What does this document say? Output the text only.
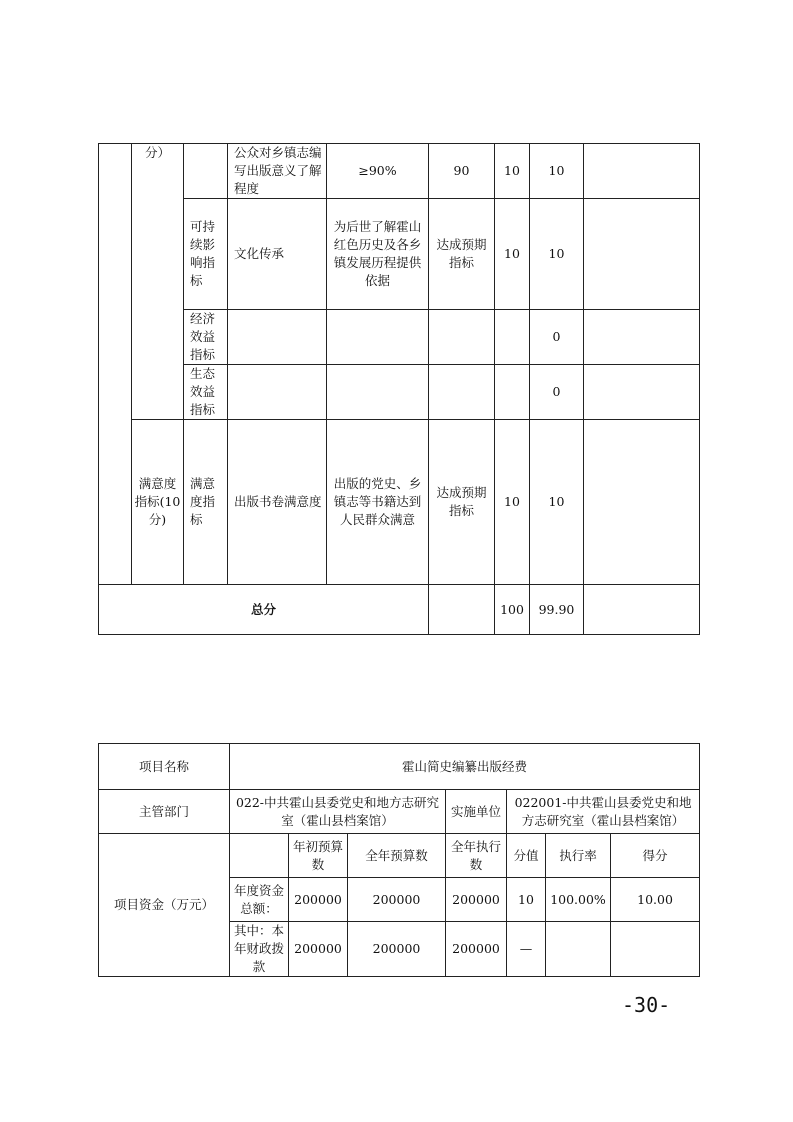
	分）		公众对乡镇志编写出版意义了解程度	≥90%	90	10	10	
		可持续影响指标	文化传承	为后世了解霍山红色历史及各乡镇发展历程提供依据	达成预期指标	10	10	
		经济效益指标					0	
		生态效益指标					0	
	满意度指标(10分)	满意度指标	出版书卷满意度	出版的党史、乡镇志等书籍达到人民群众满意	达成预期指标	10	10	
总分						100	99.90	
项目名称	霍山简史编纂出版经费						
主管部门	022-中共霍山县委党史和地方志研究室（霍山县档案馆）			实施单位	022001-中共霍山县委党史和地方志研究室（霍山县档案馆）		
项目资金（万元）		年初预算数	全年预算数	全年执行数	分值	执行率	得分
	年度资金总额：	200000	200000	200000	10	100.00%	10.00
	其中：本年财政拨款	200000	200000	200000	—		
-30-
